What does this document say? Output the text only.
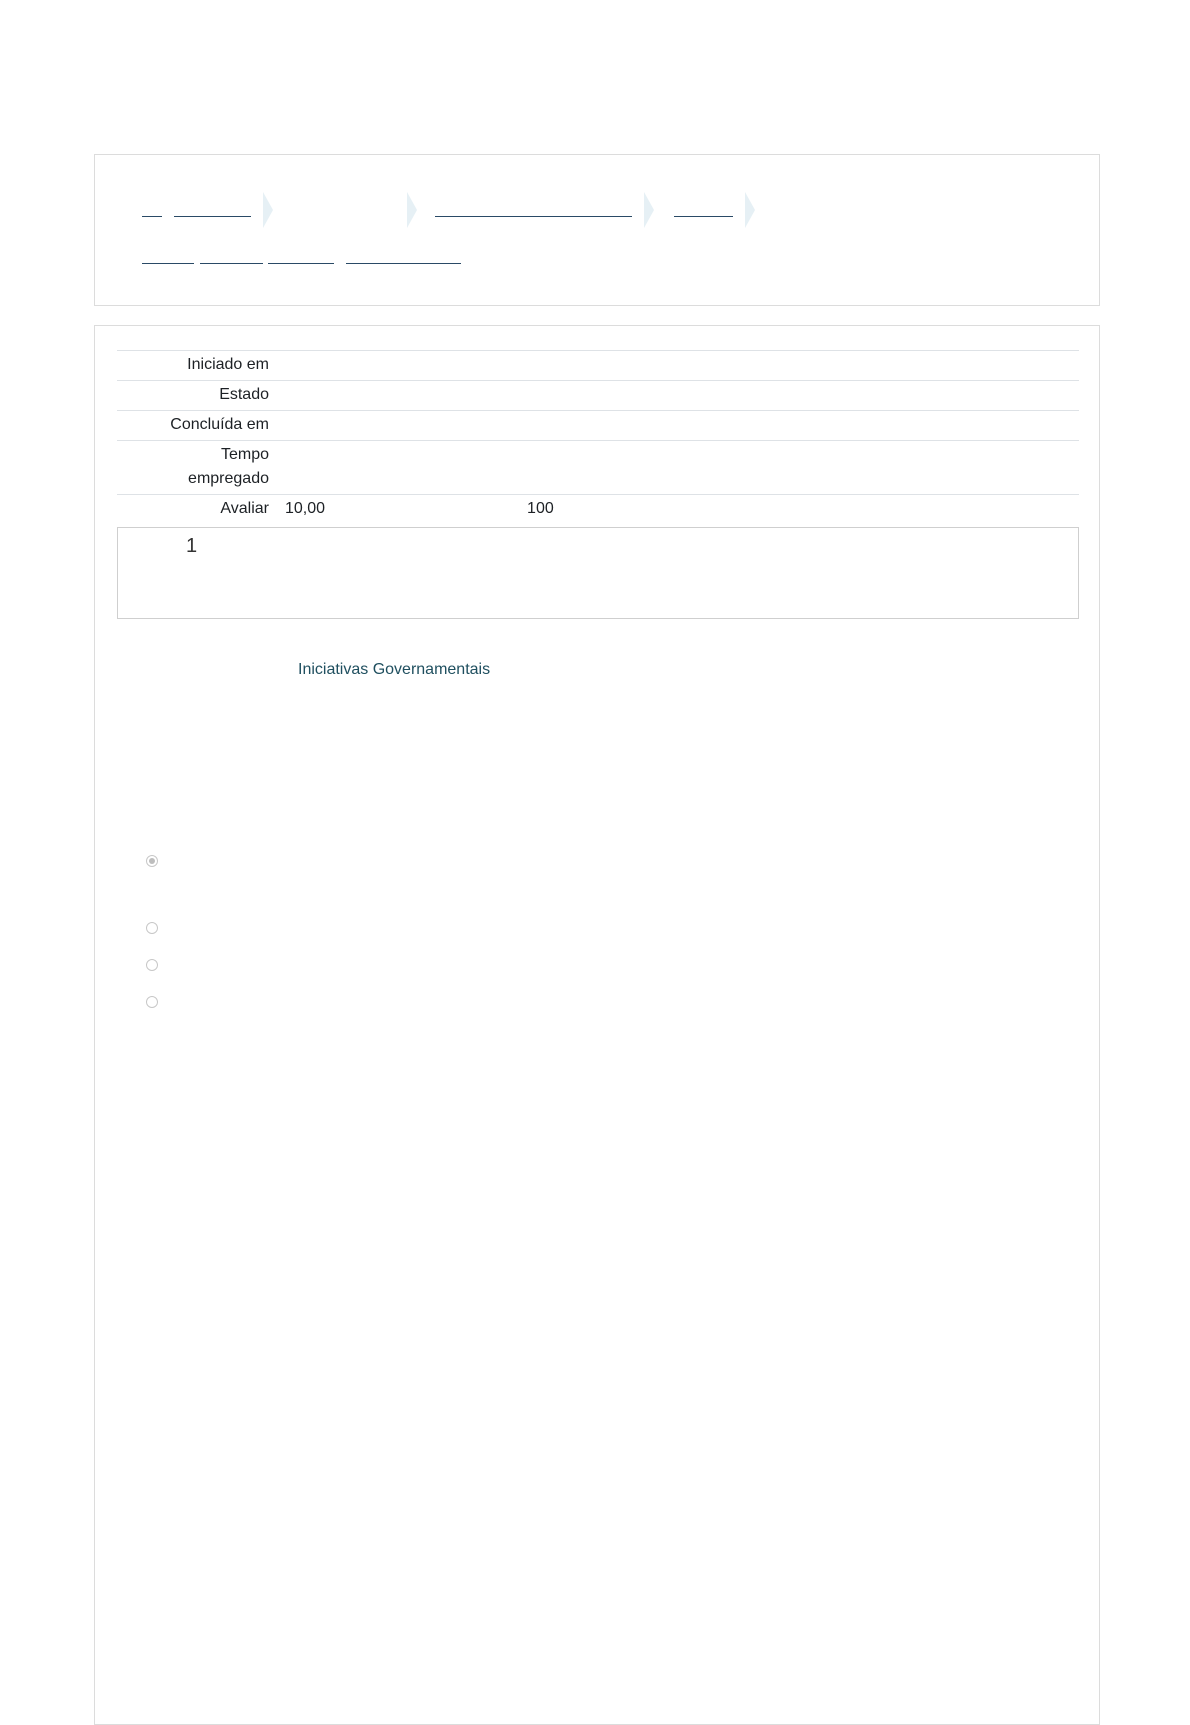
Iniciado em	
Estado	
Concluída em	
Tempo
empregado	
Avaliar	10,00 100
1
Iniciativas Governamentais
